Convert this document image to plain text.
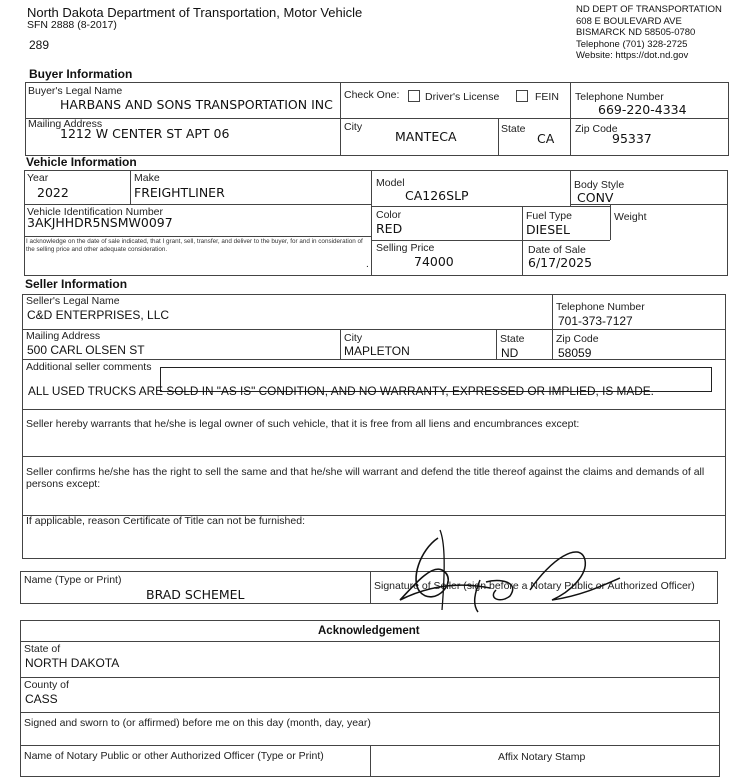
North Dakota Department of Transportation, Motor Vehicle
SFN 2888 (8-2017)
289
ND DEPT OF TRANSPORTATION
608 E BOULEVARD AVE
BISMARCK ND 58505-0780
Telephone (701) 328-2725
Website: https://dot.nd.gov
Buyer Information
Buyer's Legal Name
HARBANS AND SONS TRANSPORTATION INC
Check One: Driver's License	FEIN Telephone Number
669-220-4334
Mailing Address
1212 W CENTER ST APT 06	City
MANTECA	State
CA
Zip Code
95337
Vehicle Information
Year
2022
Make
FREIGHTLINER
Model
CA126SLP
Body Style
CONV
Vehicle Identification Number
3AKJHHDR5NSMW0097	Color
RED
Fuel Type
DIESEL
Weight
I acknowledge on the date of sale indicated, that I grant, sell, transfer, and deliver to the buyer, for and in consideration of the selling price and other adequate consideration.
.
Selling Price
74000
Date of Sale
6/17/2025
Seller Information
Seller's Legal Name
C&D ENTERPRISES, LLC
Telephone Number
701-373-7127
Mailing Address
500 CARL OLSEN ST
City
MAPLETON
State
ND
Zip Code
58059
Additional seller comments
ALL USED TRUCKS ARE SOLD IN "AS IS" CONDITION, AND NO WARRANTY, EXPRESSED OR IMPLIED, IS MADE.
Seller hereby warrants that he/she is legal owner of such vehicle, that it is free from all liens and encumbrances except:
Seller confirms he/she has the right to sell the same and that he/she will warrant and defend the title thereof against the claims and demands of all persons except:
If applicable, reason Certificate of Title can not be furnished:
Name (Type or Print)
BRAD SCHEMEL
Signature of Seller (sign before a Notary Public or Authorized Officer)
Acknowledgement
State of
NORTH DAKOTA
County of
CASS
Signed and sworn to (or affirmed) before me on this day (month, day, year)
Name of Notary Public or other Authorized Officer (Type or Print)	Affix Notary Stamp
